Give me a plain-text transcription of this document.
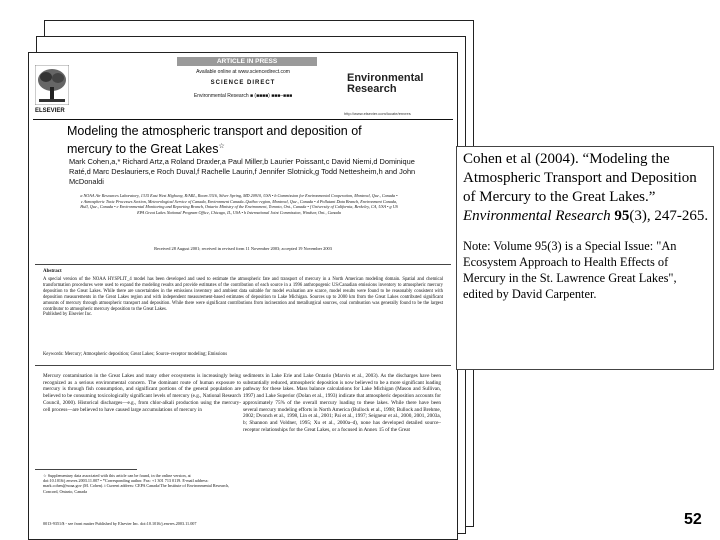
ARTICLE IN PRESS
Available online at www.sciencedirect.com
SCIENCE DIRECT
Environmental Research ■ (■■■■) ■■■–■■■
ELSEVIER
Environmental Research
http://www.elsevier.com/locate/envres
Modeling the atmospheric transport and deposition of mercury to the Great Lakes☆
Mark Cohen,a,* Richard Artz,a Roland Draxler,a Paul Miller,b Laurier Poissant,c David Niemi,d Dominique Raté,d Marc Deslauriers,e Roch Duval,f Rachelle Laurin,f Jennifer Slotnick,g Todd Nettesheim,h and John McDonaldi
a NOAA Air Resources Laboratory, 1315 East West Highway, R/ARL, Room 3316, Silver Spring, MD 20910, USA • b Commission for Environmental Cooperation, Montreal, Que., Canada • c Atmospheric Toxic Processes Section, Meteorological Service of Canada, Environment Canada–Québec region, Montreal, Que., Canada • d Pollutant Data Branch, Environment Canada, Hull, Que., Canada • e Environmental Monitoring and Reporting Branch, Ontario Ministry of the Environment, Toronto, Ont., Canada • f University of California, Berkeley, CA, USA • g US EPA Great Lakes National Program Office, Chicago, IL, USA • h International Joint Commission, Windsor, Ont., Canada
Received 28 August 2001; received in revised form 11 November 2003; accepted 19 November 2003
Abstract
A special version of the NOAA HYSPLIT_4 model has been developed and used to estimate the atmospheric fate and transport of mercury in a North American modeling domain. Spatial and chemical transformation procedures were used to expand the modeling results and provide estimates of the contribution of each source in a 1996 anthropogenic US/Canadian emissions inventory to atmospheric mercury deposition to the Great Lakes. While there are uncertainties in the emissions inventory and ambient data suitable for model evaluation are scarce, model results were found to be reasonably consistent with deposition measurements in the Great Lakes region and with independent measurement-based estimates of deposition to Lake Michigan. Sources up to 2000 km from the Great Lakes contributed significant amounts of mercury through atmospheric transport and deposition. While there were significant contributions from incineration and metallurgical sources, coal combustion was generally found to be the largest contributor to atmospheric mercury deposition to the Great Lakes.
Published by Elsevier Inc.
Keywords: Mercury; Atmospheric deposition; Great Lakes; Source–receptor modeling; Emissions
Mercury contamination in the Great Lakes and many other ecosystems is increasingly being recognized as a serious environmental concern. The dominant route of human exposure to mercury is through fish consumption, and significant portions of the general population are believed to be consuming toxicologically significant levels of mercury (e.g., National Research Council, 2000). Historical discharges—e.g., from chlor-alkali production using the mercury-cell process—are believed to have caused large accumulations of mercury in
sediments in Lake Erie and Lake Ontario (Marvin et al., 2003). As the discharges have been substantially reduced, atmospheric deposition is now believed to be a more significant loading pathway for these lakes. Mass balance calculations for Lake Michigan (Mason and Sullivan, 1997) and Lake Superior (Dolan et al., 1993) indicate that atmospheric deposition accounts for approximately 75% of the overall mercury loading to these lakes. While there have been several mercury modeling efforts in North America (Bullock et al., 1998; Bullock and Brehme, 2002; Dvonch et al., 1998, Lin et al., 2001; Pai et al., 1997; Seigneur et al., 2000, 2001, 2003a, b; Shannon and Voldner, 1995; Xu et al., 2000a–d), none has developed detailed source–receptor relationships for the Great Lakes, or a focused in Annex 15 of the Great
☆ Supplementary data associated with this article can be found, in the online version, at doi:10.1016/j.envres.2003.11.007 • *Corresponding author. Fax: +1 301 713 0119. E-mail address: mark.cohen@noaa.gov (M. Cohen). i Current address: CEPA Canada/The Institute of Environmental Research, Concord, Ontario, Canada
0013-9351/$ - see front matter Published by Elsevier Inc. doi:10.1016/j.envres.2003.11.007
Cohen et al (2004). “Modeling the Atmospheric Transport and Deposition of Mercury to the Great Lakes.” Environmental Research 95(3), 247-265.
Note: Volume 95(3) is a Special Issue: "An Ecosystem Approach to Health Effects of Mercury in the St. Lawrence Great Lakes", edited by David Carpenter.
52
